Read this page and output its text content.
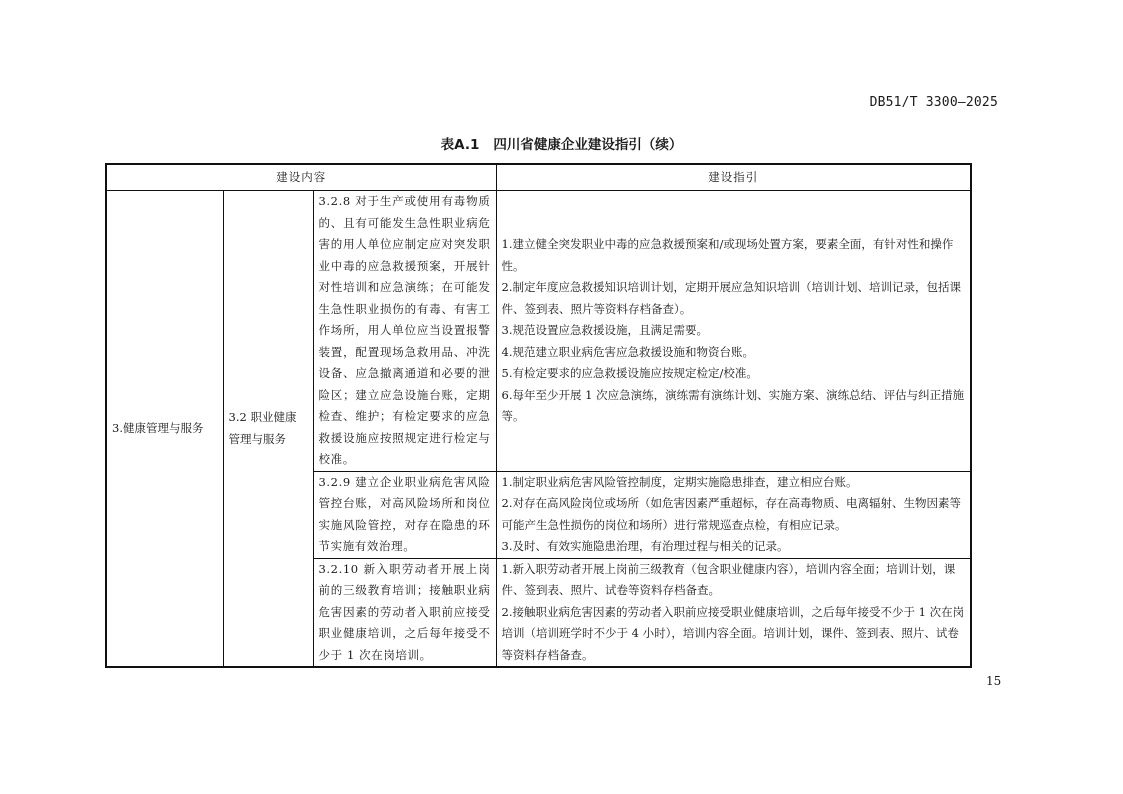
DB51/T 3300—2025
表A.1 四川省健康企业建设指引（续）
建设内容			建设指引
3.健康管理与服务	3.2 职业健康管理与服务	3.2.8 对于生产或使用有毒物质的、且有可能发生急性职业病危害的用人单位应制定应对突发职业中毒的应急救援预案，开展针对性培训和应急演练；在可能发生急性职业损伤的有毒、有害工作场所，用人单位应当设置报警装置，配置现场急救用品、冲洗设备、应急撤离通道和必要的泄险区；建立应急设施台账，定期检查、维护；有检定要求的应急救援设施应按照规定进行检定与校准。	
1.建立健全突发职业中毒的应急救援预案和/或现场处置方案，要素全面，有针对性和操作性。
2.制定年度应急救援知识培训计划，定期开展应急知识培训（培训计划、培训记录，包括课件、签到表、照片等资料存档备查）。
3.规范设置应急救援设施，且满足需要。
4.规范建立职业病危害应急救援设施和物资台账。
5.有检定要求的应急救援设施应按规定检定/校准。
6.每年至少开展 1 次应急演练，演练需有演练计划、实施方案、演练总结、评估与纠正措施等。

		3.2.9 建立企业职业病危害风险管控台账，对高风险场所和岗位实施风险管控，对存在隐患的环节实施有效治理。	1.制定职业病危害风险管控制度，定期实施隐患排查，建立相应台账。
2.对存在高风险岗位或场所（如危害因素严重超标，存在高毒物质、电离辐射、生物因素等可能产生急性损伤的岗位和场所）进行常规巡查点检，有相应记录。
3.及时、有效实施隐患治理，有治理过程与相关的记录。

		3.2.10 新入职劳动者开展上岗前的三级教育培训；接触职业病危害因素的劳动者入职前应接受职业健康培训，之后每年接受不少于 1 次在岗培训。	1.新入职劳动者开展上岗前三级教育（包含职业健康内容），培训内容全面；培训计划，课件、签到表、照片、试卷等资料存档备查。
2.接触职业病危害因素的劳动者入职前应接受职业健康培训，之后每年接受不少于 1 次在岗培训（培训班学时不少于 4 小时），培训内容全面。培训计划，课件、签到表、照片、试卷等资料存档备查。
15
